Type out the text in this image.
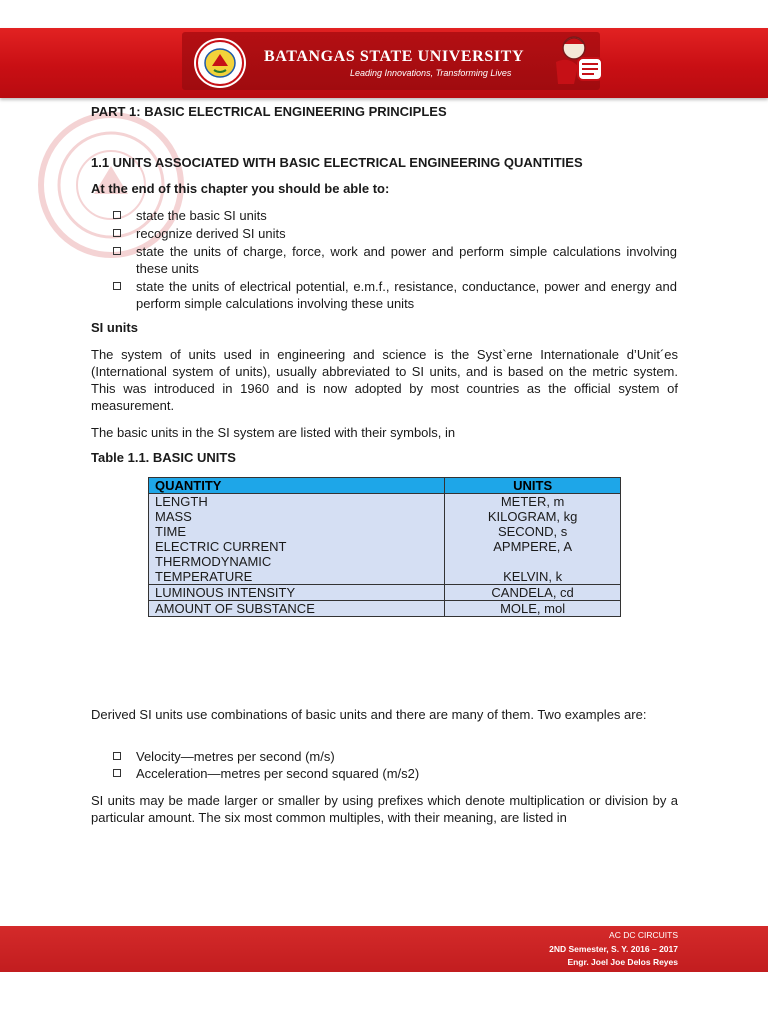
BATANGAS STATE UNIVERSITY
Leading Innovations, Transforming Lives
PART 1: BASIC ELECTRICAL ENGINEERING PRINCIPLES
1.1 UNITS ASSOCIATED WITH BASIC ELECTRICAL ENGINEERING QUANTITIES
At the end of this chapter you should be able to:
state the basic SI units
recognize derived SI units
state the units of charge, force, work and power and perform simple calculations involving these units
state the units of electrical potential, e.m.f., resistance, conductance, power and energy and perform simple calculations involving these units
SI units

The system of units used in engineering and science is the Syst`erne Internationale d’Unit´es (International system of units), usually abbreviated to SI units, and is based on the metric system. This was introduced in 1960 and is now adopted by most countries as the official system of measurement.

The basic units in the SI system are listed with their symbols, in

Table 1.1. BASIC UNITS
QUANTITY	UNITS
LENGTH	METER, m
MASS	KILOGRAM, kg
TIME	SECOND, s
ELECTRIC CURRENT	APMPERE, A
THERMODYNAMIC	
TEMPERATURE	KELVIN, k
LUMINOUS INTENSITY	CANDELA, cd
AMOUNT OF SUBSTANCE	MOLE, mol

Derived SI units use combinations of basic units and there are many of them. Two examples are:

Velocity—metres per second (m/s)
Acceleration—metres per second squared (m/s2)

SI units may be made larger or smaller by using prefixes which denote multiplication or division by a particular amount. The six most common multiples, with their meaning, are listed in

AC DC CIRCUITS
2ND Semester, S. Y. 2016 – 2017
Engr. Joel Joe Delos Reyes
